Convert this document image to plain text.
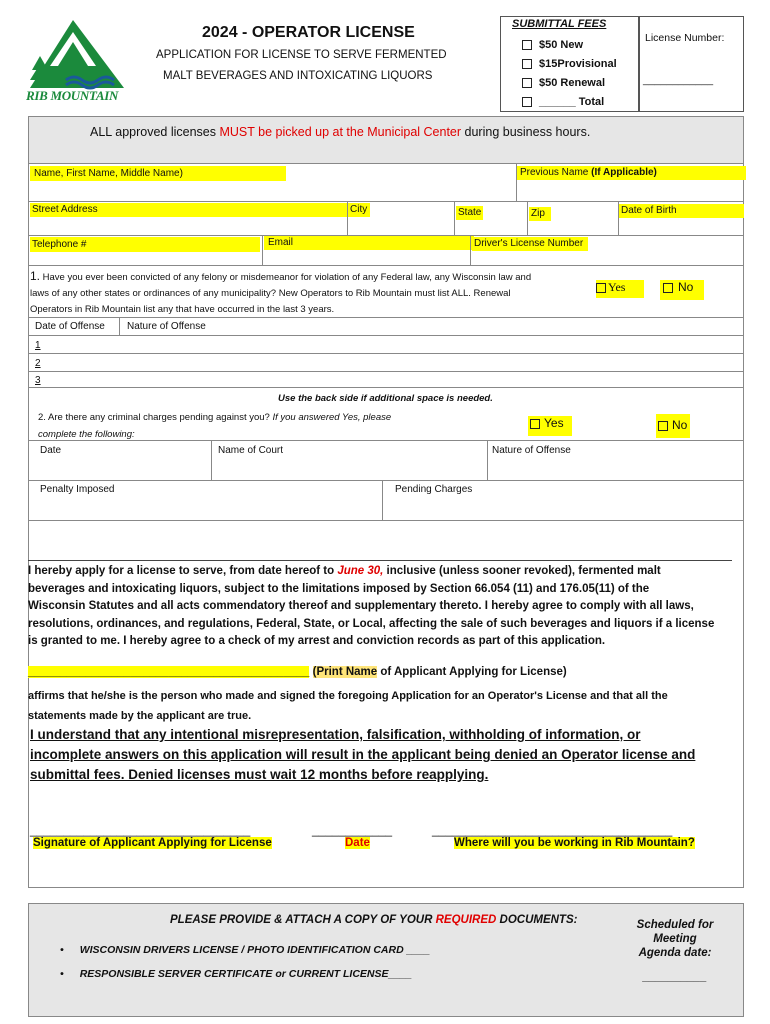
RIB MOUNTAIN
2024 - OPERATOR LICENSE
APPLICATION FOR LICENSE TO SERVE FERMENTED
MALT BEVERAGES AND INTOXICATING LIQUORS
SUBMITTAL FEES
$50 New
$15Provisional
$50 Renewal
______ Total
License Number:
____________
ALL approved licenses MUST be picked up at the Municipal Center during business hours.
Name, First Name, Middle Name)	Previous Name (If Applicable)
Street Address	City	State	Zip	Date of Birth
Telephone #	Email	Driver's License Number
1. Have you ever been convicted of any felony or misdemeanor for violation of any Federal law, any Wisconsin law and
laws of any other states or ordinances of any municipality? New Operators to Rib Mountain must list ALL. Renewal
Operators in Rib Mountain list any that have occurred in the last 3 years.
Yes	No
Date of Offense Nature of Offense
1
2
3
Use the back side if additional space is needed.
2. Are there any criminal charges pending against you? If you answered Yes, please
complete the following:
Yes	No
Date	Name of Court	Nature of Offense
Penalty Imposed	Pending Charges
I hereby apply for a license to serve, from date hereof to June 30, inclusive (unless sooner revoked), fermented malt
beverages and intoxicating liquors, subject to the limitations imposed by Section 66.054 (11) and 176.05(11) of the
Wisconsin Statutes and all acts commendatory thereof and supplementary thereto. I hereby agree to comply with all laws,
resolutions, ordinances, and regulations, Federal, State, or Local, affecting the sale of such beverages and liquors if a license
is granted to me. I hereby agree to a check of my arrest and conviction records as part of this application.
____________________________________________ (Print Name of Applicant Applying for License)
affirms that he/she is the person who made and signed the foregoing Application for an Operator's License and that all the
statements made by the applicant are true.
I understand that any intentional misrepresentation, falsification, withholding of information, or
incomplete answers on this application will result in the applicant being denied an Operator license and
submittal fees. Denied licenses must wait 12 months before reapplying.
_________________________________	____________	____________________________________
Signature of Applicant Applying for License	Date	Where will you be working in Rib Mountain?
PLEASE PROVIDE & ATTACH A COPY OF YOUR REQUIRED DOCUMENTS:
• WISCONSIN DRIVERS LICENSE / PHOTO IDENTIFICATION CARD ____
• RESPONSIBLE SERVER CERTIFICATE or CURRENT LICENSE____
Scheduled for
Meeting
Agenda date:
__________
